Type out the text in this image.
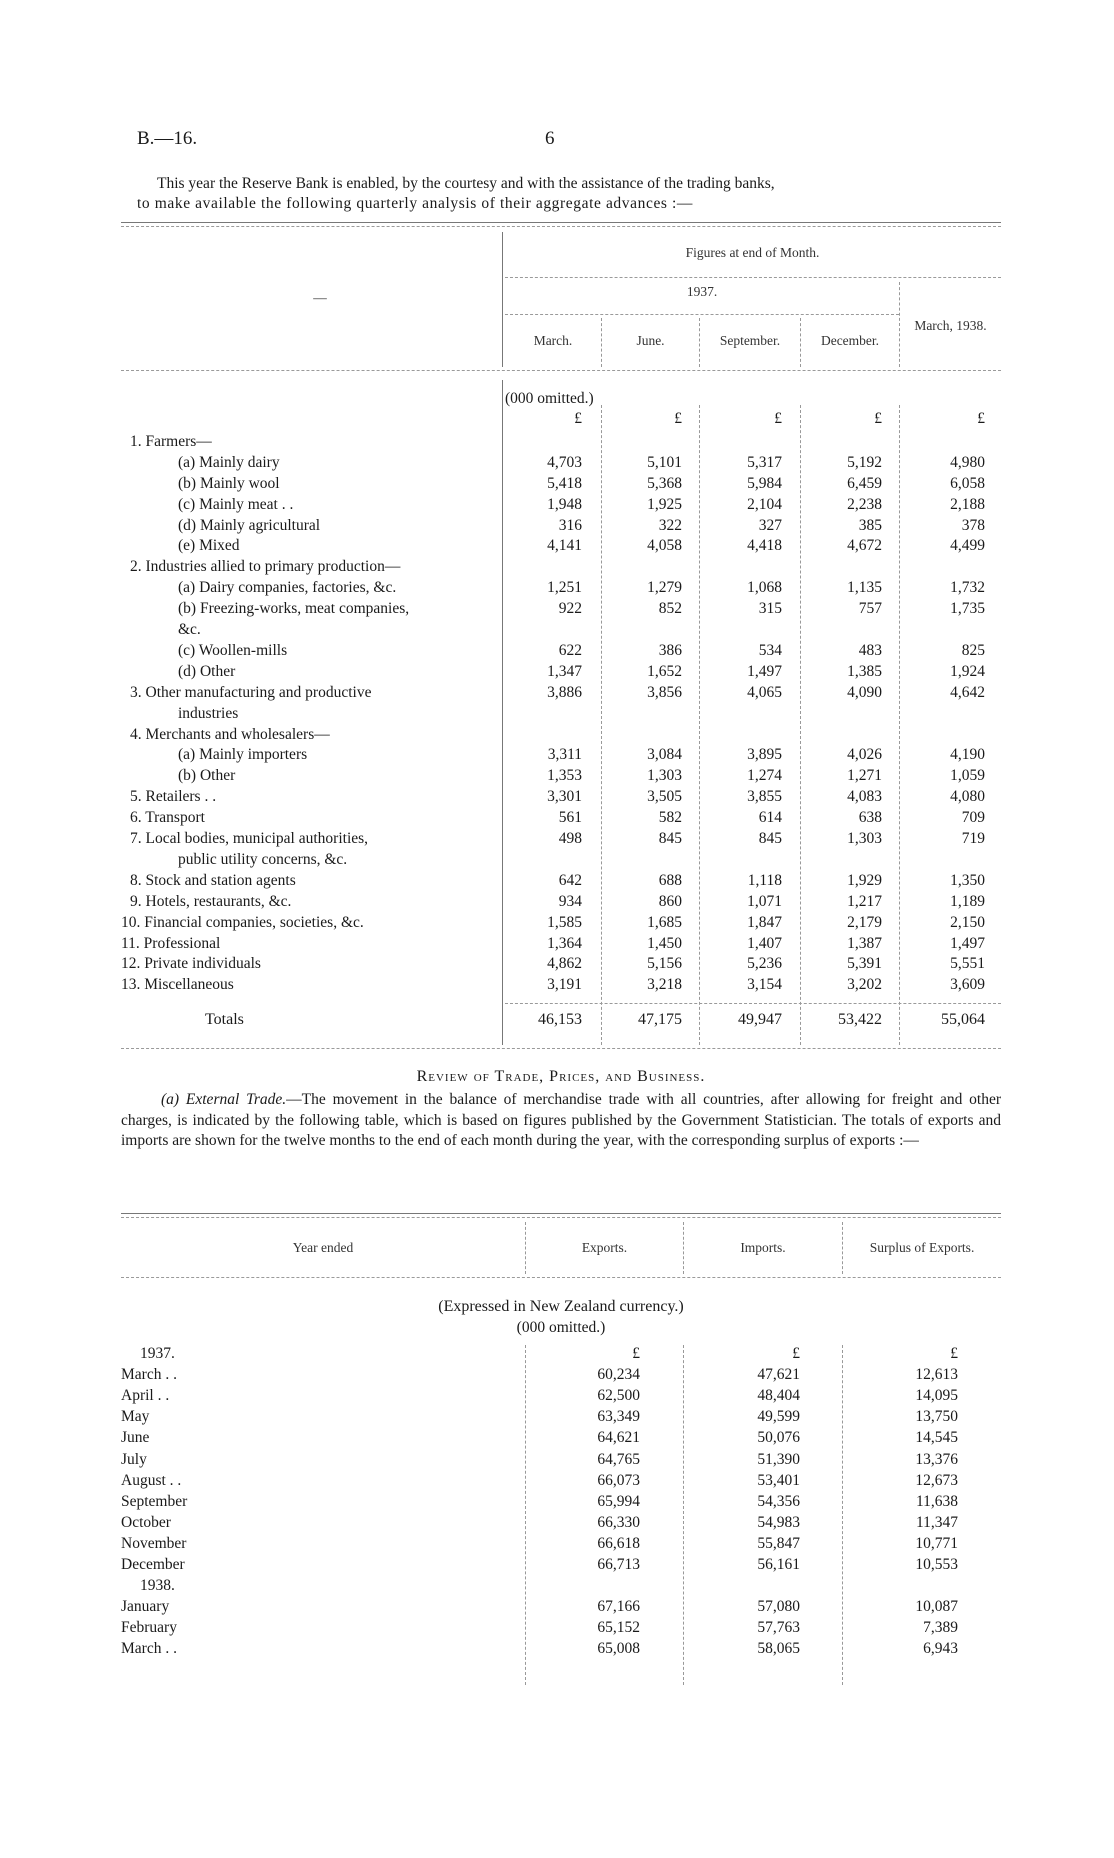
B.—16.	6
This year the Reserve Bank is enabled, by the courtesy and with the assistance of the trading banks,
to make available the following quarterly analysis of their aggregate advances :—
—
Figures at end of Month.
1937.
March.	June.	September.	December.
March, 1938.
(000 omitted.)
£	£	£	£	£
1. Farmers—
(a) Mainly dairy	4,703	5,101	5,317	5,192	4,980
(b) Mainly wool	5,418	5,368	5,984	6,459	6,058
(c) Mainly meat . .	1,948	1,925	2,104	2,238	2,188
(d) Mainly agricultural	316	322	327	385	378
(e) Mixed	4,141	4,058	4,418	4,672	4,499
2. Industries allied to primary production—
(a) Dairy companies, factories, &c.	1,251	1,279	1,068	1,135	1,732
(b) Freezing-works, meat companies,	922	852	315	757	1,735
&c.
(c) Woollen-mills	622	386	534	483	825
(d) Other	1,347	1,652	1,497	1,385	1,924
3. Other manufacturing and productive	3,886	3,856	4,065	4,090	4,642
industries
4. Merchants and wholesalers—
(a) Mainly importers	3,311	3,084	3,895	4,026	4,190
(b) Other	1,353	1,303	1,274	1,271	1,059
5. Retailers . .	3,301	3,505	3,855	4,083	4,080
6. Transport	561	582	614	638	709
7. Local bodies, municipal authorities,	498	845	845	1,303	719
public utility concerns, &c.
8. Stock and station agents	642	688	1,118	1,929	1,350
9. Hotels, restaurants, &c.	934	860	1,071	1,217	1,189
10. Financial companies, societies, &c.	1,585	1,685	1,847	2,179	2,150
11. Professional	1,364	1,450	1,407	1,387	1,497
12. Private individuals	4,862	5,156	5,236	5,391	5,551
13. Miscellaneous	3,191	3,218	3,154	3,202	3,609
Totals	46,153	47,175	49,947	53,422	55,064
Review of Trade, Prices, and Business.
(a) External Trade.—The movement in the balance of merchandise trade with all countries, after allowing for freight and other charges, is indicated by the following table, which is based on figures published by the Government Statistician. The totals of exports and imports are shown for the twelve months to the end of each month during the year, with the corresponding surplus of exports :—
Year ended	Exports.	Imports.	Surplus of Exports.
(Expressed in New Zealand currency.)
(000 omitted.)
£	£	£
1937.
March . .	60,234	47,621	12,613
April . .	62,500	48,404	14,095
May	63,349	49,599	13,750
June	64,621	50,076	14,545
July	64,765	51,390	13,376
August . .	66,073	53,401	12,673
September	65,994	54,356	11,638
October	66,330	54,983	11,347
November	66,618	55,847	10,771
December	66,713	56,161	10,553
1938.
January	67,166	57,080	10,087
February	65,152	57,763	7,389
March . .	65,008	58,065	6,943
